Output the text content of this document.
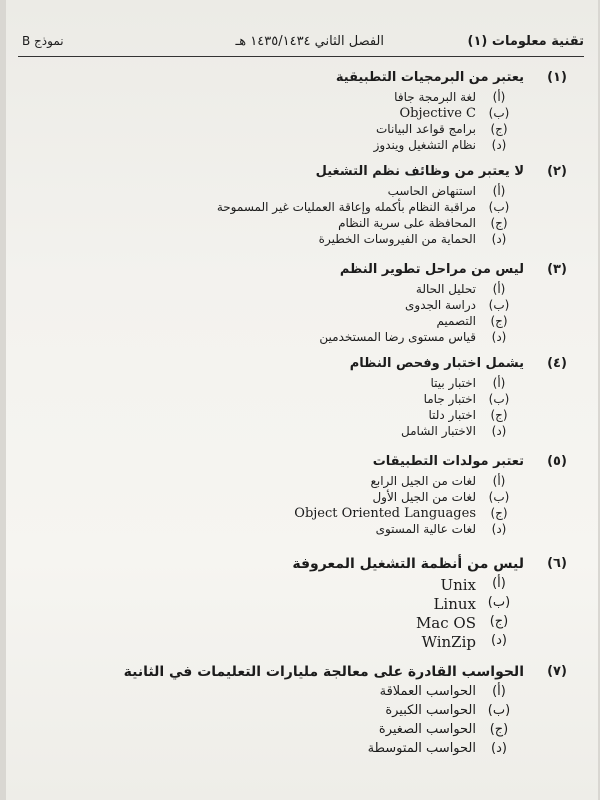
تقنية معلومات (١)
الفصل الثاني ١٤٣٥/١٤٣٤ هـ
نموذج B
(١)
يعتبر من البرمجيات التطبيقية
(أ)
لغة البرمجة جافا
(ب)
Objective C
(ج)
برامج قواعد البيانات
(د)
نظام التشغيل ويندوز
(٢)
لا يعتبر من وظائف نظم التشغيل
(أ)
استنهاض الحاسب
(ب)
مراقبة النظام بأكمله وإعاقة العمليات غير المسموحة
(ج)
المحافظة على سرية النظام
(د)
الحماية من الفيروسات الخطيرة
(٣)
ليس من مراحل تطوير النظم
(أ)
تحليل الحالة
(ب)
دراسة الجدوى
(ج)
التصميم
(د)
قياس مستوى رضا المستخدمين
(٤)
يشمل اختبار وفحص النظام
(أ)
اختبار بيتا
(ب)
اختبار جاما
(ج)
اختبار دلتا
(د)
الاختبار الشامل
(٥)
تعتبر مولدات التطبيقات
(أ)
لغات من الجيل الرابع
(ب)
لغات من الجيل الأول
(ج)
Object Oriented Languages
(د)
لغات عالية المستوى
(٦)
ليس من أنظمة التشغيل المعروفة
(أ)
Unix
(ب)
Linux
(ج)
Mac OS
(د)
WinZip
(٧)
الحواسب القادرة على معالجة مليارات التعليمات في الثانية
(أ)
الحواسب العملاقة
(ب)
الحواسب الكبيرة
(ج)
الحواسب الصغيرة
(د)
الحواسب المتوسطة
